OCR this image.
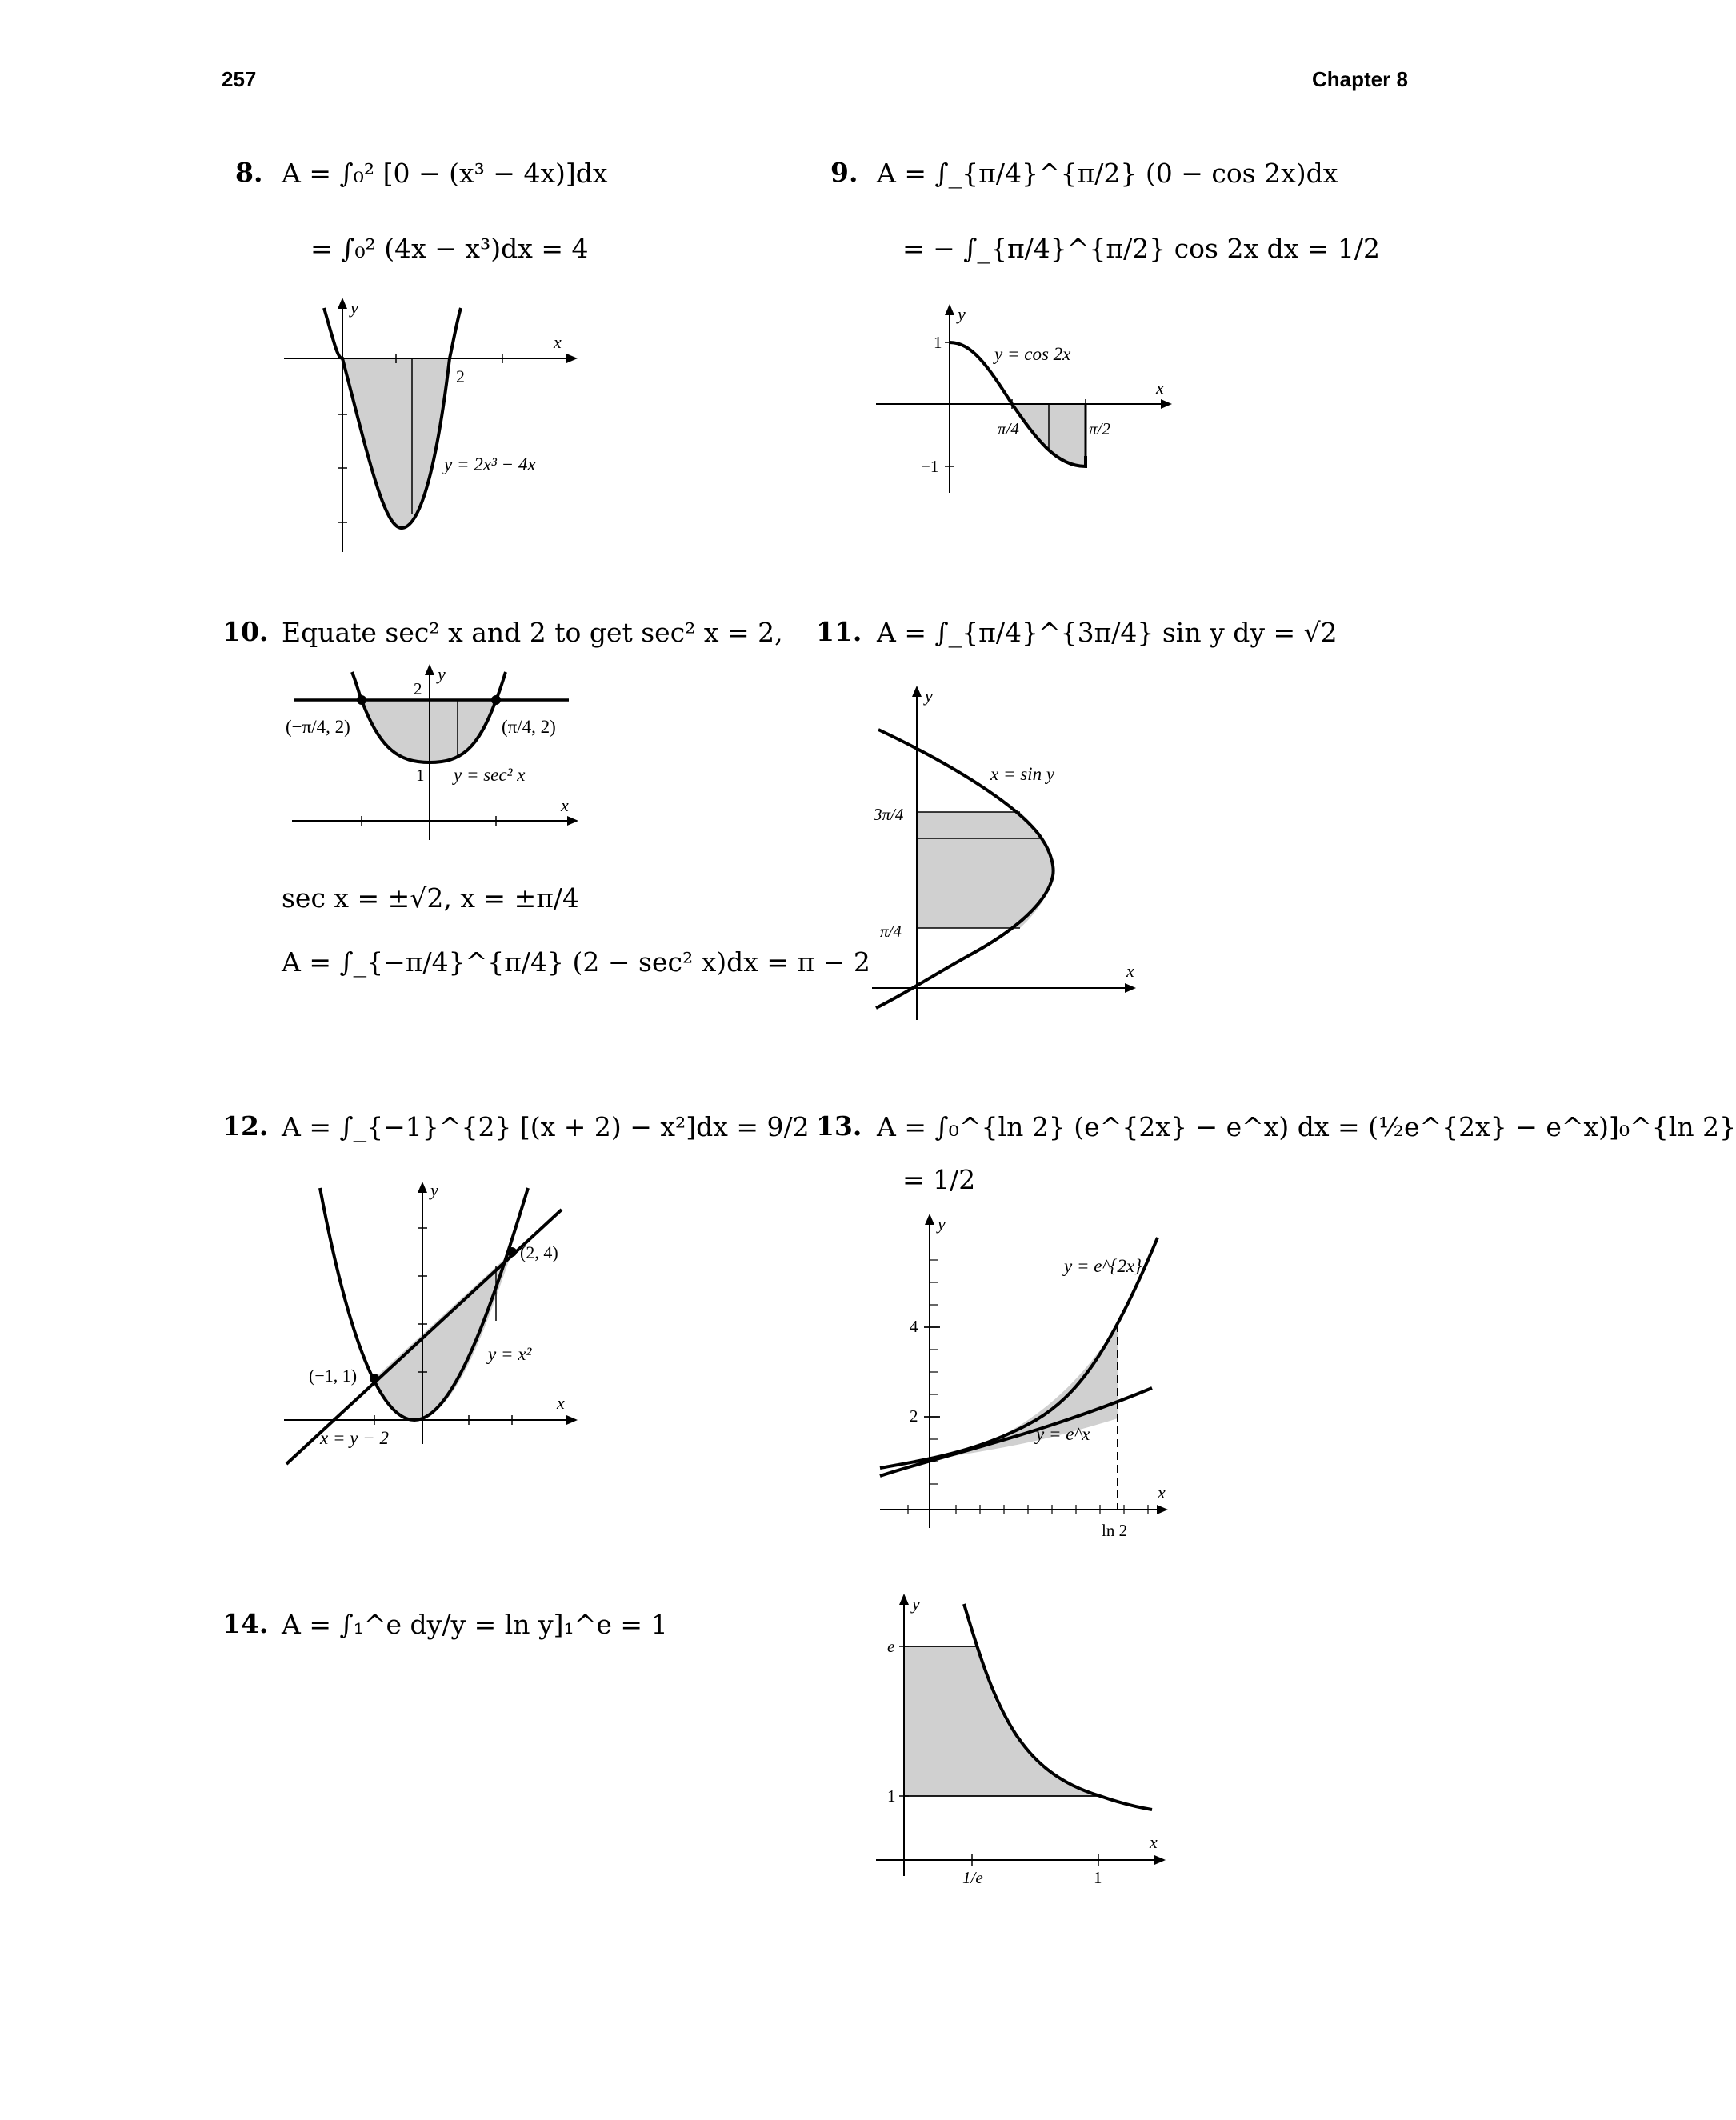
257	Chapter 8
8. A = ∫₀² [0 − (x³ − 4x)]dx
= ∫₀² (4x − x³)dx = 4
2
y = 2x³ − 4x
x
y
9. A = ∫_{π/4}^{π/2} (0 − cos 2x)dx
= − ∫_{π/4}^{π/2} cos 2x dx = 1/2
y = cos 2x
1
−1
π/4	π/2
x
y
10. Equate sec² x and 2 to get sec² x = 2,
(−π/4, 2)	(π/4, 2)
2
1 y = sec² x
x
y
sec x = ±√2, x = ±π/4
A = ∫_{−π/4}^{π/4} (2 − sec² x)dx = π − 2
11. A = ∫_{π/4}^{3π/4} sin y dy = √2
x = sin y
3π/4
π/4
x
y
12. A = ∫_{−1}^{2} [(x + 2) − x²]dx = 9/2
(2, 4)
(−1, 1)
y = x²
x = y − 2
x
y
13. A = ∫₀^{ln 2} (e^{2x} − e^x) dx = (½e^{2x} − e^x)]₀^{ln 2}
= 1/2
y = e^{2x}
y = e^x
4
2
ln 2
x
y
14. A = ∫₁^e dy/y = ln y]₁^e = 1
e
1
1/e	1
x
y
